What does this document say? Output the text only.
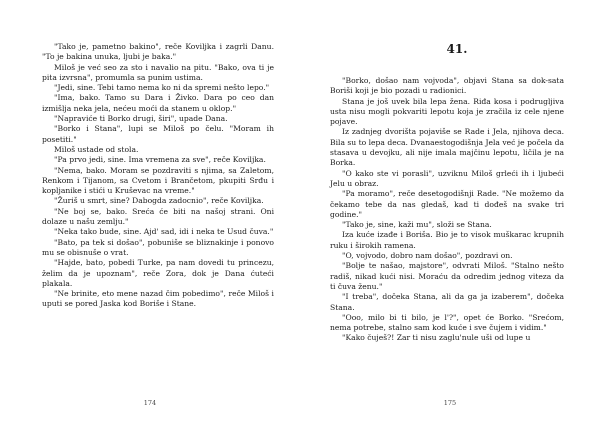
"Tako je, pametno bakino", reče Koviljka i zagrli Danu. "To je bakina unuka, ljubi je baka."

Miloš je već sео za sto i navalio na pitu. "Bako, ova ti je pita izvrsna", promumla sa punim ustima.

"Jedi, sine. Tebi tamo nema ko ni da spremi nešto lepo."

"Ima, bako. Tamo su Dara i Živko. Dara po ceo dan izmišlja neka jela, nećeu moći da stanem u oklop."

"Napraviće ti Borko drugi, širi", upade Dana.

"Borko i Stana", lupi se Miloš po čelu. "Moram ih posetiti."

Miloš ustade od stola.

"Pa prvo jedi, sine. Ima vremena za sve", reče Koviljka.

"Nema, bako. Moram se pozdraviti s njima, sa Zaletom, Renkom i Tijanom, sa Cvetom i Brančetom, pkupiti Srđu i kopljanike i stići u Kruševac na vreme."

"Žuriš u smrt, sine? Dabogda zadocnio", reče Koviljka.

"Ne boj se, bako. Sreća će biti na našoj strani. Oni dolaze u našu zemlju."

"Neka tako bude, sine. Ajd' sad, idi i neka te Usud čuva."

"Bato, pa tek si došao", pobuniše se bliznakinje i ponovo mu se obisnuše o vrat.

"Hajde, bato, pobedi Turke, pa nam dovedi tu princezu, želim da je upoznam", reče Zora, dok je Dana ćuteći plakala.

"Ne brinite, eto mene nazad čim pobedimo", reče Miloš i uputi se pored Jaska kod Boriše i Stane.

174
41.

"Borko, došao nam vojvoda", objavi Stana sa dok-sata Boriši koji je bio pozadi u radionici.

Stana je još uvek bila lepa žena. Riđa kosa i podrugljiva usta nisu mogli pokvariti lepotu koja je zračila iz cele njene pojave.

Iz zadnjeg dvorišta pojaviše se Rade i Jela, njihova deca. Bila su to lepa deca. Dvanaestogodišnja Jela već je počela da stasava u devojku, ali nije imala majčinu lepotu, ličila je na Borka.

"O kako ste vi porasli", uzviknu Miloš grleći ih i ljubeći Jelu u obraz.

"Pa moramo", reče desetogodišnji Rade. "Ne možemo da čekamo tebe da nas gledaš, kad ti dođeš na svake tri godine."

"Tako je, sine, kaži mu", složi se Stana.

Iza kuće izađe i Boriša. Bio je to visok muškarac krupnih ruku i širokih ramena.

"O, vojvodo, dobro nam došao", pozdravi on.

"Bolje te našao, majstore", odvrati Miloš. "Stalno nešto radiš, nikad kući nisi. Moraću da odredim jednog viteza da ti čuva ženu."

"I treba", dočeka Stana, ali da ga ja izaberem", dočeka Stana.

"Ooo, milo bi ti bilo, je l'?", opet će Borko. "Srećom, nema potrebe, stalno sam kod kuće i sve čujem i vidim."

"Kako čuješ?! Zar ti nisu zaglu'nule uši od lupe u

175
